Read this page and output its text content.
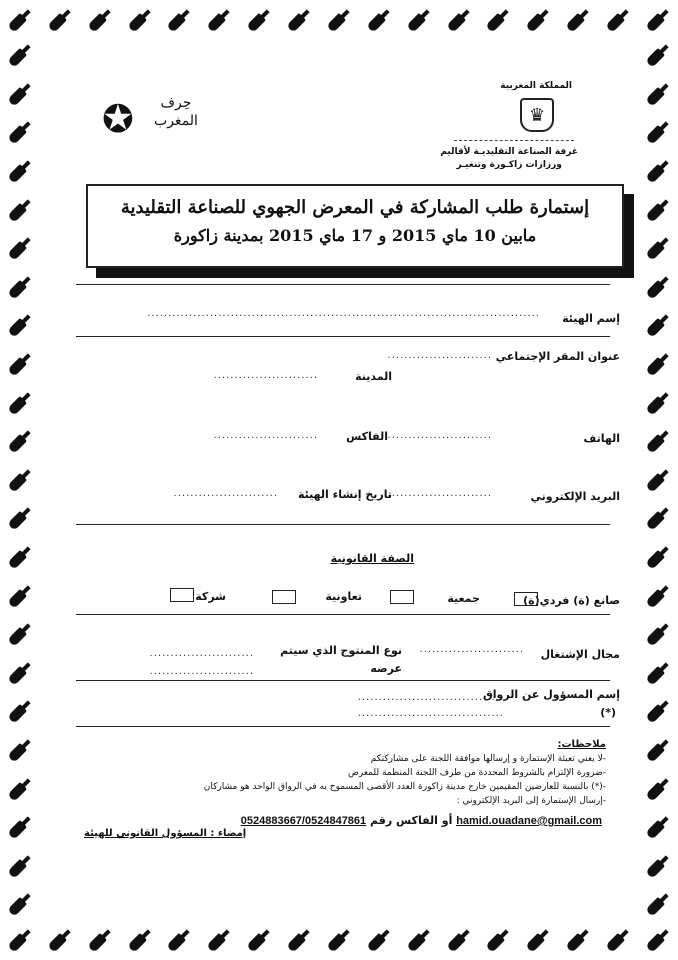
المملكة المغربية
♛
غرفة الصناعة التقليديـة لأقاليم
ورزازات زاكـورة وتنغيـر
✪	حِرف
المغرب
إستمارة طلب المشاركة في المعرض الجهوي للصناعة التقليدية
مابين 10 ماي 2015 و 17 ماي 2015 بمدينة زاكورة
إسم الهيئة
..............................................................................................
عنوان المقر الإجتماعي
.........................
المدينة
.........................
الهاتف
.........................
الفاكس
.........................
البريد الإلكتروني
.........................
تاريخ إنشاء الهيئة
.........................
الصفة القانونية
صانع (ة) فردي(ة)
جمعية
تعاونية
شركة
مجال الإشتغال
.........................
نوع المنتوج الذي سيتم
عرضه
.........................
.........................
إسم المسؤول عن الرواق
(*)
...................................
...................................
ملاحظات:
-لا يعني تعبئة الإستمارة و إرسالها موافقة اللجنة على مشاركتكم
-ضرورة الإلتزام بالشروط المحددة من طرف اللجنة المنظمة للمعرض
-(*) بالنسبة للعارضين المقيمين خارج مدينة زاكورة العدد الأقصى المسموح به في الرواق الواحد هو مشاركان
-إرسال الإستمارة إلى البريد الإلكتروني :
hamid.ouadane@gmail.com أو الفاكس رقم 0524883667/0524847861
إمضاء : المسؤول القانوني للهيئة
